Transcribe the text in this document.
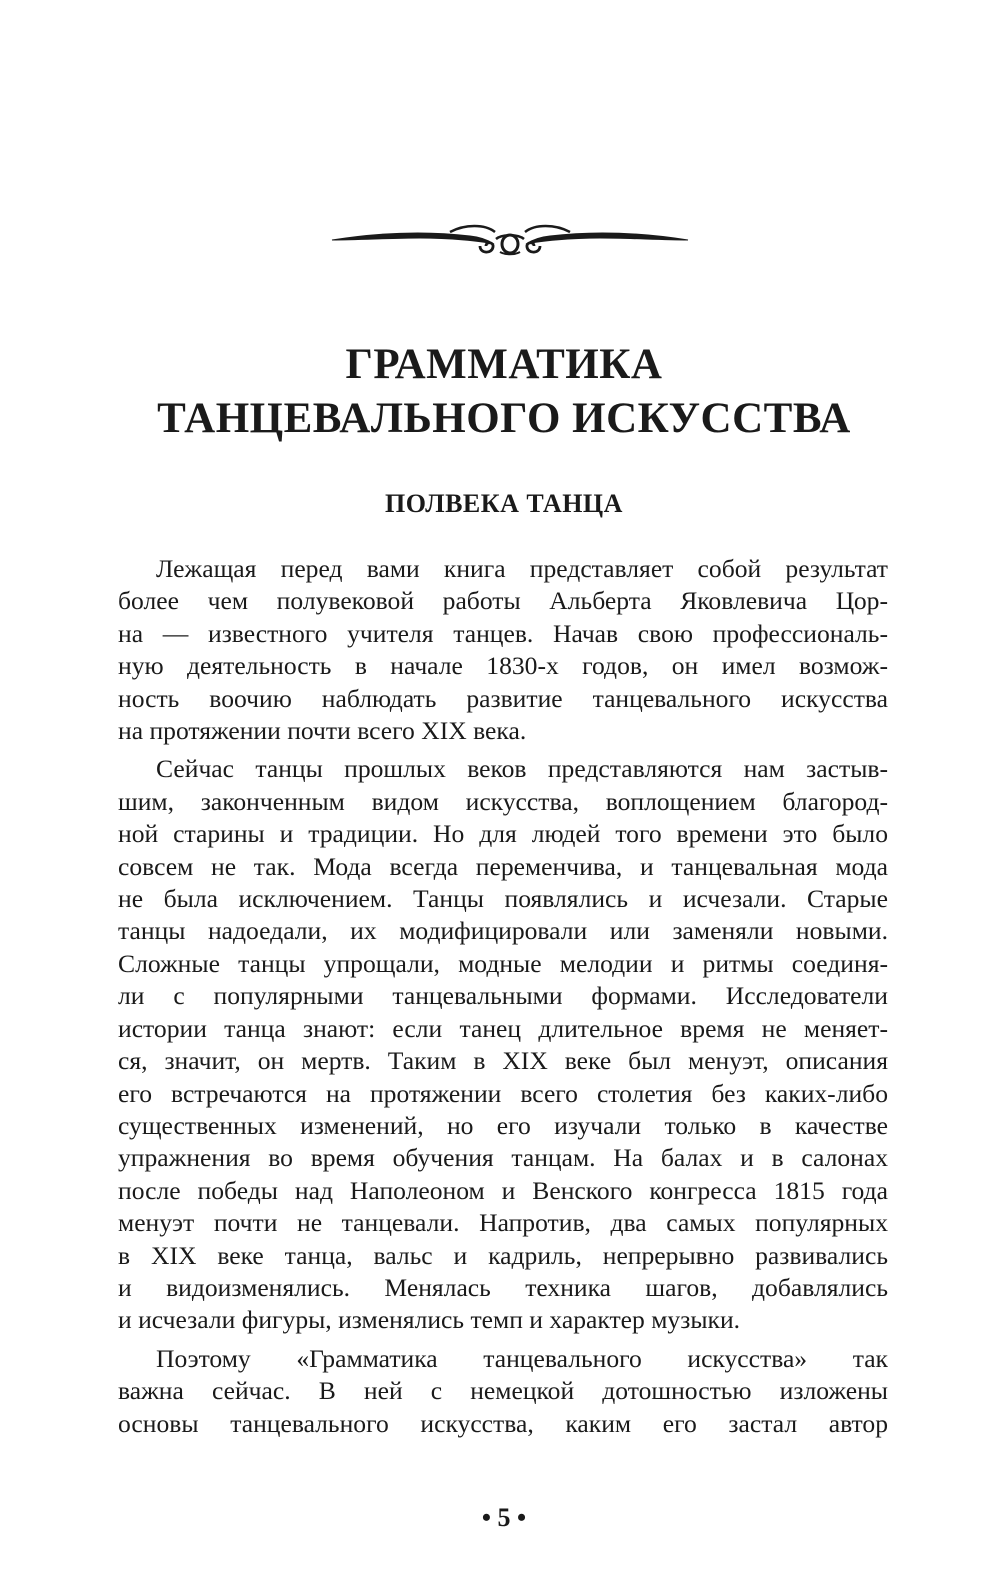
ГРАММАТИКА
ТАНЦЕВАЛЬНОГО ИСКУССТВА
ПОЛВЕКА ТАНЦА
Лежащая перед вами книга представляет собой результат
более чем полувековой работы Альберта Яковлевича Цор-
на — известного учителя танцев. Начав свою профессиональ-
ную деятельность в начале 1830-х годов, он имел возмож-
ность воочию наблюдать развитие танцевального искусства
на протяжении почти всего XIX века.
Сейчас танцы прошлых веков представляются нам застыв-
шим, законченным видом искусства, воплощением благород-
ной старины и традиции. Но для людей того времени это было
совсем не так. Мода всегда переменчива, и танцевальная мода
не была исключением. Танцы появлялись и исчезали. Старые
танцы надоедали, их модифицировали или заменяли новыми.
Сложные танцы упрощали, модные мелодии и ритмы соединя-
ли с популярными танцевальными формами. Исследователи
истории танца знают: если танец длительное время не меняет-
ся, значит, он мертв. Таким в XIX веке был менуэт, описания
его встречаются на протяжении всего столетия без каких-либо
существенных изменений, но его изучали только в качестве
упражнения во время обучения танцам. На балах и в салонах
после победы над Наполеоном и Венского конгресса 1815 года
менуэт почти не танцевали. Напротив, два самых популярных
в XIX веке танца, вальс и кадриль, непрерывно развивались
и видоизменялись. Менялась техника шагов, добавлялись
и исчезали фигуры, изменялись темп и характер музыки.
Поэтому «Грамматика танцевального искусства» так
важна сейчас. В ней с немецкой дотошностью изложены
основы танцевального искусства, каким его застал автор
• 5 •
